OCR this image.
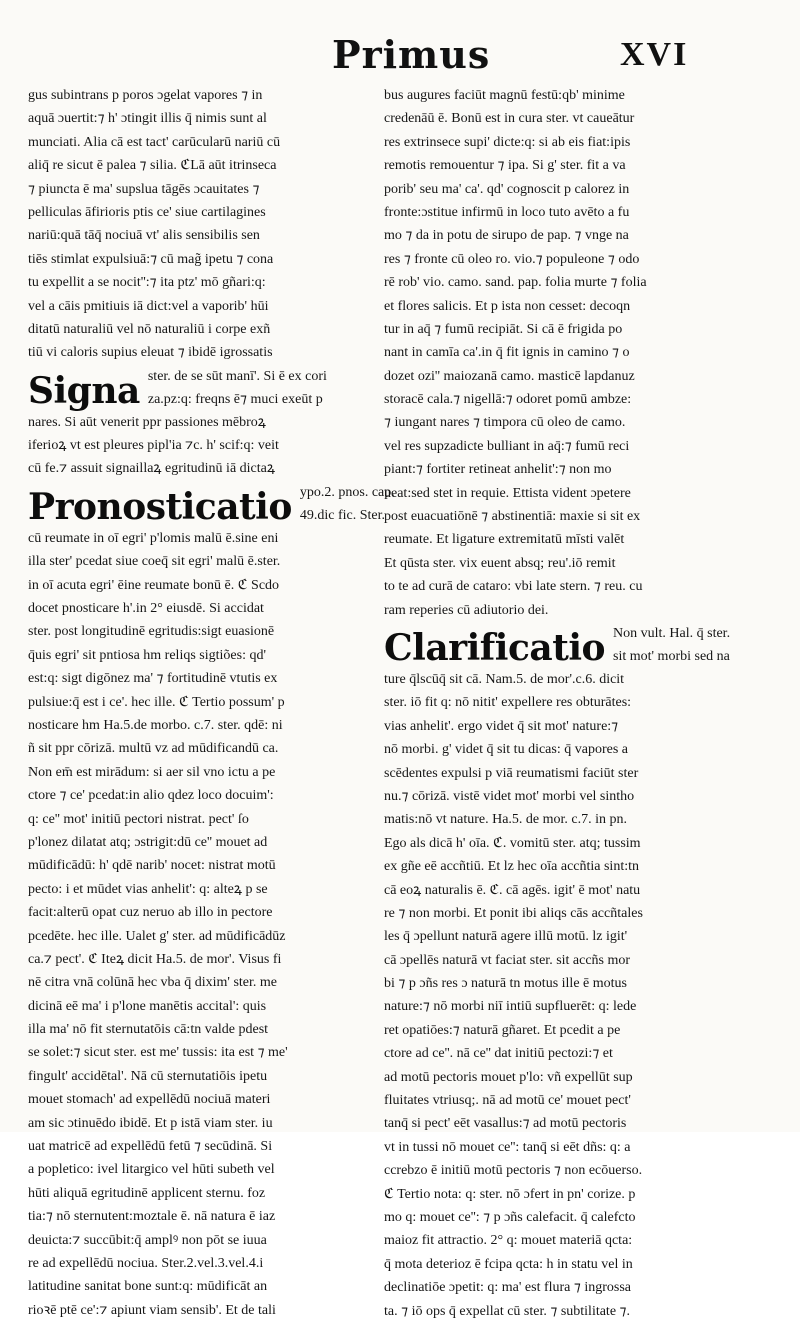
Primus	XVI
gus subintrans p poros ɔgelat vapores ⁊ in
aquā ɔuertit:⁊ h' ɔtingit illis q̄ nimis sunt al
munciati. Alia cā est tact' carūcularū nariū cū
aliq̄ re sicut ē palea ⁊ silia. ℭLā aūt itrinseca
⁊ piuncta ē ma' supslua tāgēs ɔcauitates ⁊
pelliculas āfirioris ptis ce' siue cartilagines
nariū:quā tāq̄ nociuā vt' alis sensibilis sen
tiēs stimlat expulsiuā:⁊ cū mag̃ ipetu ⁊ cona
tu expellit a se nocit'':⁊ ita ptz' mō gñari:q:
vel a cāis pmitiuis iā dict:vel a vaporib' hūi
ditatū naturaliū vel nō naturaliū i corpe exñ
tiū vi caloris supius eleuat ⁊ ibidē igrossatis
Signa ster. de se sūt manī'. Si ē ex cori
za.pz:q: freqns ē⁊ muci exeūt p
nares. Si aūt venerit ppr passiones mēbroꝝ
iferioꝝ vt est pleures pipl'ia ⁊c. h' scif:q: veit
cū fe.⁊ assuit signaillaꝝ egritudinū iā dictaꝝ
Pronosticatio ypo.2. pnos. cap.
49.dic fic. Ster.
cū reumate in oī egri' p'lomis malū ē.sine eni
illa ster' pcedat siue coeq̄ sit egri' malū ē.ster.
in oī acuta egri' ēine reumate bonū ē. ℭ Scdo
docet pnosticare h'.in 2° eiusdē. Si accidat
ster. post longitudinē egritudis:sigt euasionē
q̄uis egri' sit pntiosa hm reliqs sigtiões: qd'
est:q: sigt digōnez ma' ⁊ fortitudinē vtutis ex
pulsiue:q̄ est i ce'. hec ille. ℭ Tertio possum' p
nosticare hm Ha.5.de morbo. c.7. ster. qdē: ni
ñ sit ppr cōrizā. multū vz ad mūdificandū ca.
Non em̄ est mirādum: si aer sil vno ictu a pe
ctore ⁊ ce' pcedat:in alio qdez loco docuim':
q: ce'' mot' initiū pectori nistrat. pect' ſo
p'lonez dilatat atq; ɔstrigit:dū ce'' mouet ad
mūdificādū: h' qdē narib' nocet: nistrat motū
pecto: i et mūdet vias anhelit': q: alteꝝ p se
facit:alterū opat cuz neruo ab illo in pectore
pcedēte. hec ille. Ualet g' ster. ad mūdificādūz
ca.⁊ pect'. ℭ Iteꝝ dicit Ha.5. de mor'. Visus fi
nē citra vnā colūnā hec vba q̄ dixim' ster. me
dicinā eē ma' i p'lone manētis accital': quis
illa ma' nō fit sternutatōis cā:tn valde pdest
se solet:⁊ sicut ster. est me' tussis: ita est ⁊ me'
fingult' accidētal'. Nā cū sternutatiōis ipetu
mouet stomach' ad expellēdū nociuā materi
am sic ɔtinuēdo ibidē. Et p istā viam ster. iu
uat matricē ad expellēdū fetū ⁊ secūdinā. Si
a popletico: ivel litargico vel hūti subeth vel
hūti aliquā egritudinē applicent sternu. foz
tia:⁊ nō sternutent:moztale ē. nā natura ē iaz
deuicta:⁊ succūbit:q̄ amplꝰ non pōt se iuua
re ad expellēdū nociua. Ster.2.vel.3.vel.4.i
latitudine sanitat bone sunt:q: mūdificāt an
rioꝛē ptē ce':⁊ apiunt viam sensib'. Et de tali
bus augures faciūt magnū festū:qb' minime
credenāū ē. Bonū est in cura ster. vt caueātur
res extrinsece supi' dicte:q: si ab eis fiat:ipis
remotis remouentur ⁊ ipa. Si g' ster. fit a va
porib' seu ma' ca'. qd' cognoscit p calorez in
fronte:ɔstitue infirmū in loco tuto avēto a fu
mo ⁊ da in potu de sirupo de pap. ⁊ vnge na
res ⁊ fronte cū oleo ro. vio.⁊ populeone ⁊ odo
rē rob' vio. camo. sand. pap. folia murte ⁊ folia
et flores salicis. Et p ista non cesset: decoqn
tur in aq̄ ⁊ fumū recipiāt. Si cā ē frigida po
nant in camīa ca'.in q̄ fit ignis in camino ⁊ o
dozet ozi'' maiozanā camo. masticē lapdanuz
storacē cala.⁊ nigellā:⁊ odoret pomū ambze:
⁊ iungant nares ⁊ timpora cū oleo de camo.
vel res supzadicte bulliant in aq̄:⁊ fumū reci
piant:⁊ fortiter retineat anhelit':⁊ non mo
ueat:sed stet in requie. Ettista vident ɔpetere
post euacuatiōnē ⁊ abstinentiā: maxie si sit ex
reumate. Et ligature extremitatū mīsti valēt
Et qūsta ster. vix euent absq; reu'.iō remit
to te ad curā de cataro: vbi late stern. ⁊ reu. cu
ram reperies cū adiutorio dei.
Clarificatio Non vult. Hal. q̄ ster.
sit mot' morbi sed na
ture q̄lscūq̄ sit cā. Nam.5. de mor'.c.6. dicit
ster. iō fit q: nō nitit' expellere res obturātes:
vias anhelit'. ergo videt q̄ sit mot' nature:⁊
nō morbi. g' videt q̄ sit tu dicas: q̄ vapores a
scēdentes expulsi p viā reumatismi faciūt ster
nu.⁊ cōrizā. vistē videt mot' morbi vel sintho
matis:nō vt nature. Ha.5. de mor. c.7. in pn.
Ego als dicā h' oīa. ℭ. vomitū ster. atq; tussim
ex gñe eē accñtiū. Et lz hec oīa accñtia sint:tn
cā eoꝝ naturalis ē. ℭ. cā agēs. igit' ē mot' natu
re ⁊ non morbi. Et ponit ibi aliqs cās accñtales
les q̄ ɔpellunt naturā agere illū motū. lz igit'
cā ɔpellēs naturā vt faciat ster. sit accñs mor
bi ⁊ p ɔñs res ɔ naturā tn motus ille ē motus
nature:⁊ nō morbi niī intiū supfluerēt: q: lede
ret opatiōes:⁊ naturā gñaret. Et pcedit a pe
ctore ad ce''. nā ce'' dat initiū pectozi:⁊ et
ad motū pectoris mouet p'lo: vñ expellūt sup
fluitates vtriusq;. nā ad motū ce' mouet pect'
tanq̄ si pect' eēt vasallus:⁊ ad motū pectoris
vt in tussi nō mouet ce'': tanq̄ si eēt dñs: q: a
ccrebzo ē initiū motū pectoris ⁊ non ecōuerso.
ℭ Tertio nota: q: ster. nō ɔfert in pn' corize. p
mo q: mouet ce'': ⁊ p ɔñs calefacit. q̄ calefcto
maioz fit attractio. 2° q: mouet materiā qcta:
q̄ mota deterioz ē fcipa qcta: h in statu vel in
declinatiōe ɔpetit: q: ma' est flura ⁊ ingrossa
ta. ⁊ iō ops q̄ expellat cū ster. ⁊ subtilitate ⁊.
